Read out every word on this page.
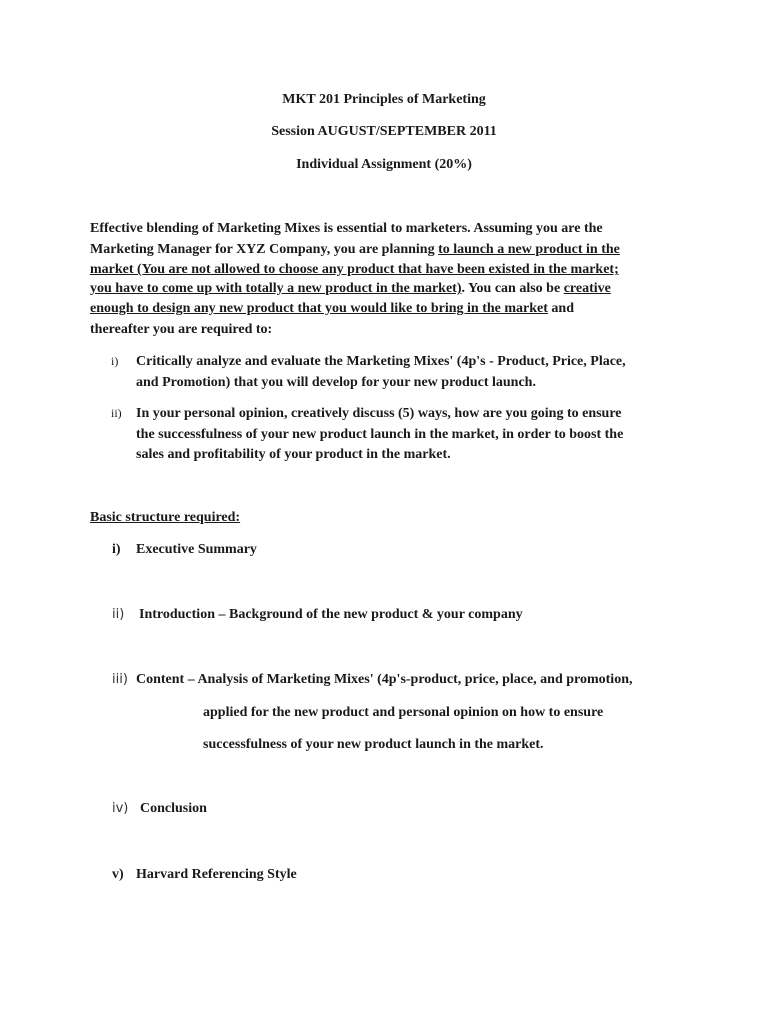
MKT 201 Principles of Marketing
Session AUGUST/SEPTEMBER 2011
Individual Assignment (20%)
Effective blending of Marketing Mixes is essential to marketers. Assuming you are the
Marketing Manager for XYZ Company, you are planning to launch a new product in the
market (You are not allowed to choose any product that have been existed in the market;
you have to come up with totally a new product in the market). You can also be creative
enough to design any new product that you would like to bring in the market and
thereafter you are required to:
i) Critically analyze and evaluate the Marketing Mixes' (4p's - Product, Price, Place,
and Promotion) that you will develop for your new product launch.
ii) In your personal opinion, creatively discuss (5) ways, how are you going to ensure
the successfulness of your new product launch in the market, in order to boost the
sales and profitability of your product in the market.
Basic structure required:
i) Executive Summary
ii) Introduction – Background of the new product & your company
iii) Content – Analysis of Marketing Mixes' (4p's-product, price, place, and promotion,
applied for the new product and personal opinion on how to ensure
successfulness of your new product launch in the market.
iv) Conclusion
v) Harvard Referencing Style
